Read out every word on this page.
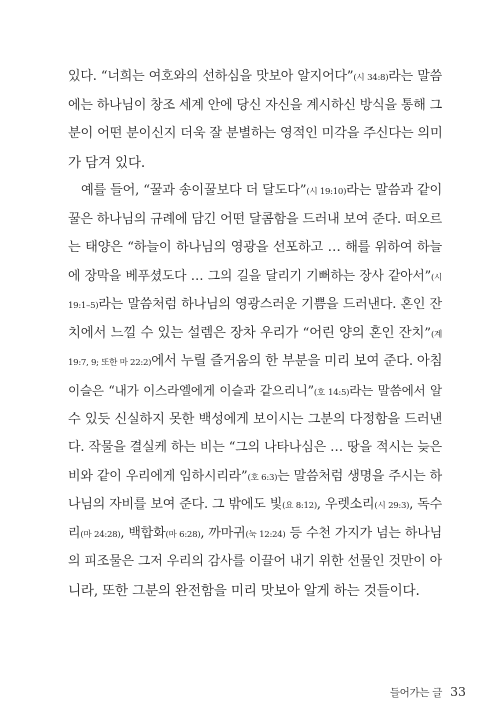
있다. “너희는 여호와의 선하심을 맛보아 알지어다”(시 34:8)라는 말씀
에는 하나님이 창조 세계 안에 당신 자신을 계시하신 방식을 통해 그
분이 어떤 분이신지 더욱 잘 분별하는 영적인 미각을 주신다는 의미
가 담겨 있다.
예를 들어, “꿀과 송이꿀보다 더 달도다”(시 19:10)라는 말씀과 같이
꿀은 하나님의 규례에 담긴 어떤 달콤함을 드러내 보여 준다. 떠오르
는 태양은 “하늘이 하나님의 영광을 선포하고 … 해를 위하여 하늘
에 장막을 베푸셨도다 … 그의 길을 달리기 기뻐하는 장사 같아서”(시
19:1–5)라는 말씀처럼 하나님의 영광스러운 기쁨을 드러낸다. 혼인 잔
치에서 느낄 수 있는 설렘은 장차 우리가 “어린 양의 혼인 잔치”(계
19:7, 9; 또한 마 22:2)에서 누릴 즐거움의 한 부분을 미리 보여 준다. 아침
이슬은 “내가 이스라엘에게 이슬과 같으리니”(호 14:5)라는 말씀에서 알
수 있듯 신실하지 못한 백성에게 보이시는 그분의 다정함을 드러낸
다. 작물을 결실케 하는 비는 “그의 나타나심은 … 땅을 적시는 늦은
비와 같이 우리에게 임하시리라”(호 6:3)는 말씀처럼 생명을 주시는 하
나님의 자비를 보여 준다. 그 밖에도 빛(요 8:12), 우렛소리(시 29:3), 독수
리(마 24:28), 백합화(마 6:28), 까마귀(눅 12:24) 등 수천 가지가 넘는 하나님
의 피조물은 그저 우리의 감사를 이끌어 내기 위한 선물인 것만이 아
니라, 또한 그분의 완전함을 미리 맛보아 알게 하는 것들이다.
들어가는 글 33
